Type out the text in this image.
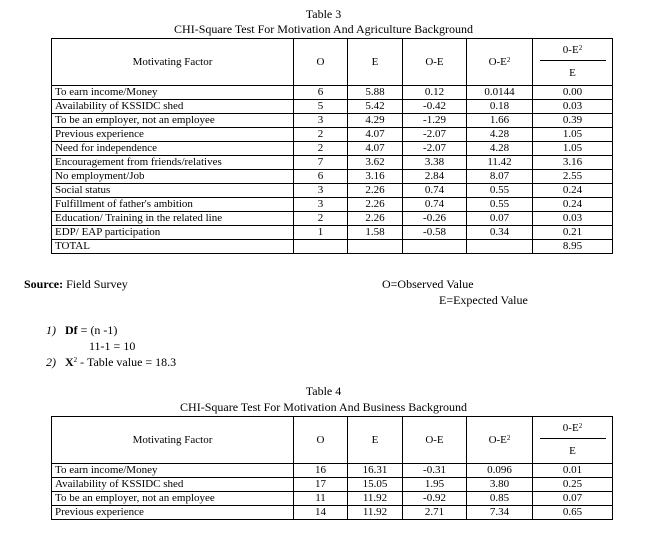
Table 3
CHI-Square Test For Motivation And Agriculture Background
Motivating Factor	O	E	O-E	$O-E^2$	$0-E^2$
E

To earn income/Money	6	5.88	0.12	0.0144	0.00
Availability of KSSIDC shed	5	5.42	-0.42	0.18	0.03
To be an employer, not an employee	3	4.29	-1.29	1.66	0.39
Previous experience	2	4.07	-2.07	4.28	1.05
Need for independence	2	4.07	-2.07	4.28	1.05
Encouragement from friends/relatives	7	3.62	3.38	11.42	3.16
No employment/Job	6	3.16	2.84	8.07	2.55
Social status	3	2.26	0.74	0.55	0.24
Fulfillment of father's ambition	3	2.26	0.74	0.55	0.24
Education/ Training in the related line	2	2.26	-0.26	0.07	0.03
EDP/ EAP participation	1	1.58	-0.58	0.34	0.21
TOTAL					8.95
Source: Field Survey	O=Observed Value
E=Expected Value
1) Df = (n -1)
11-1 = 10
2) $X^2$ - Table value = 18.3
Table 4
CHI-Square Test For Motivation And Business Background
Motivating Factor	O	E	O-E	$O-E^2$	$0-E^2$
E

To earn income/Money	16	16.31	-0.31	0.096	0.01
Availability of KSSIDC shed	17	15.05	1.95	3.80	0.25
To be an employer, not an employee	11	11.92	-0.92	0.85	0.07
Previous experience	14	11.92	2.71	7.34	0.65
